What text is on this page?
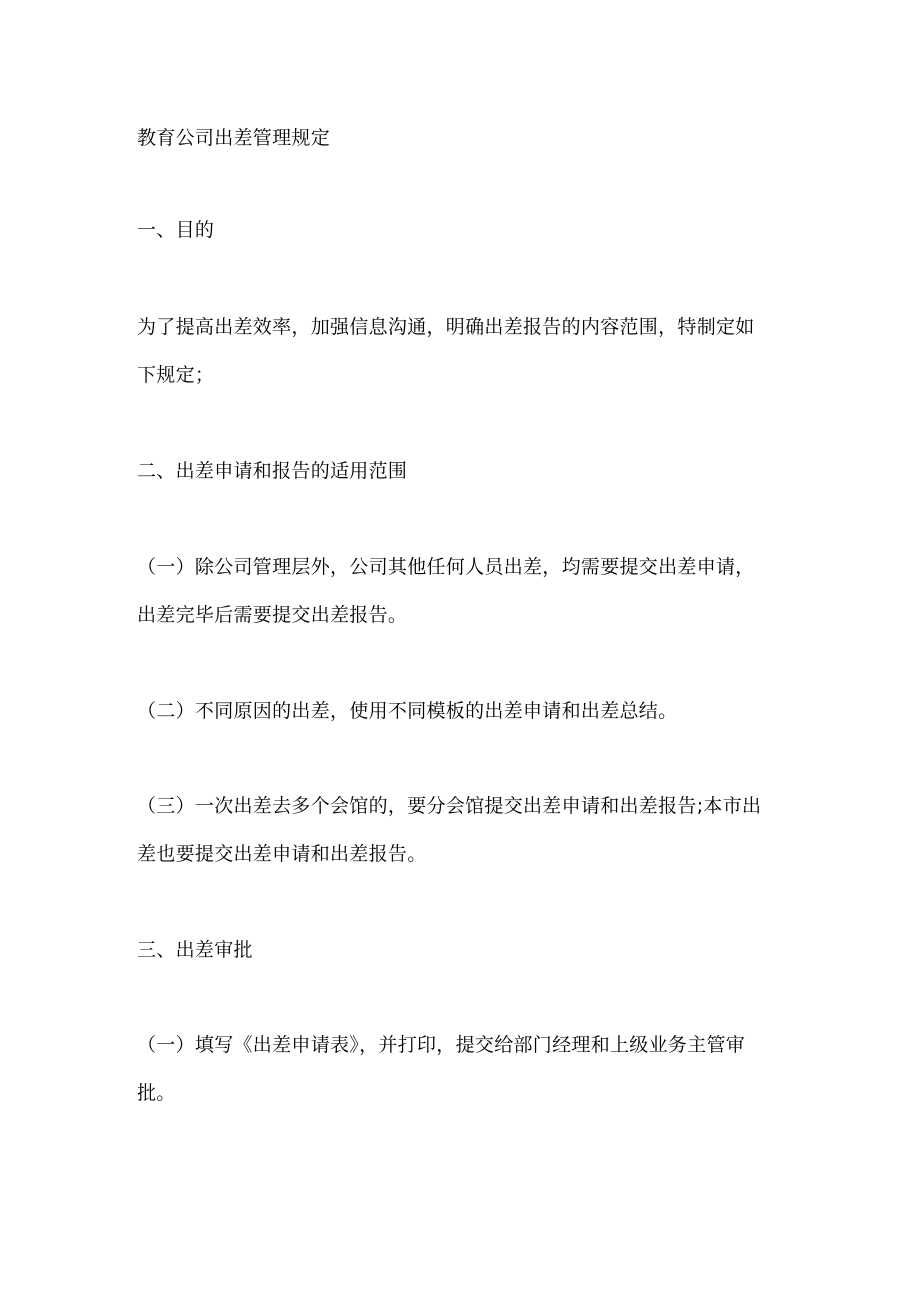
教育公司出差管理规定
一、目的
为了提高出差效率，加强信息沟通，明确出差报告的内容范围，特制定如
下规定；
二、出差申请和报告的适用范围
（一）除公司管理层外，公司其他任何人员出差，均需要提交出差申请，
出差完毕后需要提交出差报告。
（二）不同原因的出差，使用不同模板的出差申请和出差总结。
（三）一次出差去多个会馆的，要分会馆提交出差申请和出差报告;本市出
差也要提交出差申请和出差报告。
三、出差审批
（一）填写《出差申请表》，并打印，提交给部门经理和上级业务主管审
批。
